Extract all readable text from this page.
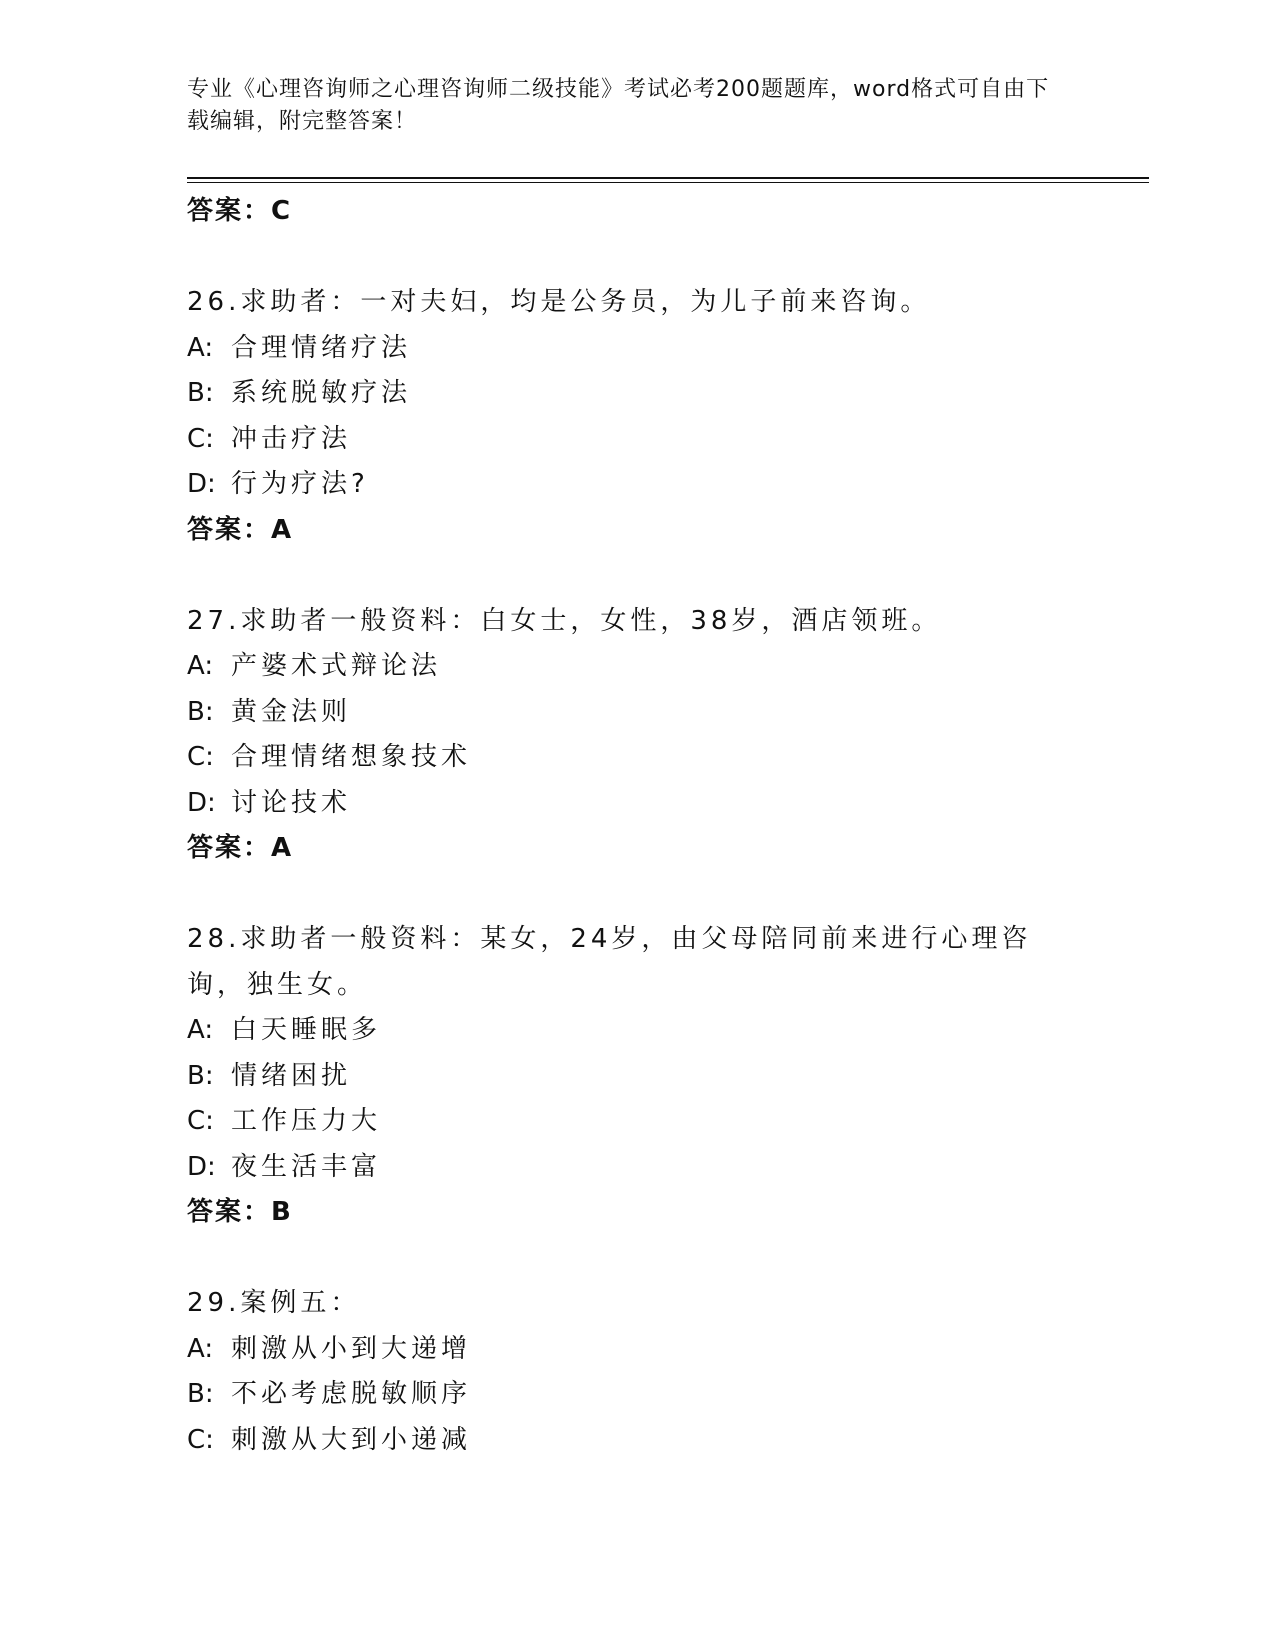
专业《心理咨询师之心理咨询师二级技能》考试必考200题题库，word格式可自由下载编辑，附完整答案！
答案：C
26.求助者：一对夫妇，均是公务员，为儿子前来咨询。
A: 合理情绪疗法
B: 系统脱敏疗法
C: 冲击疗法
D: 行为疗法?
答案：A
27.求助者一般资料：白女士，女性，38岁，酒店领班。
A: 产婆术式辩论法
B: 黄金法则
C: 合理情绪想象技术
D: 讨论技术
答案：A
28.求助者一般资料：某女，24岁，由父母陪同前来进行心理咨询，独生女。
A: 白天睡眠多
B: 情绪困扰
C: 工作压力大
D: 夜生活丰富
答案：B
29.案例五：
A: 刺激从小到大递增
B: 不必考虑脱敏顺序
C: 刺激从大到小递减
